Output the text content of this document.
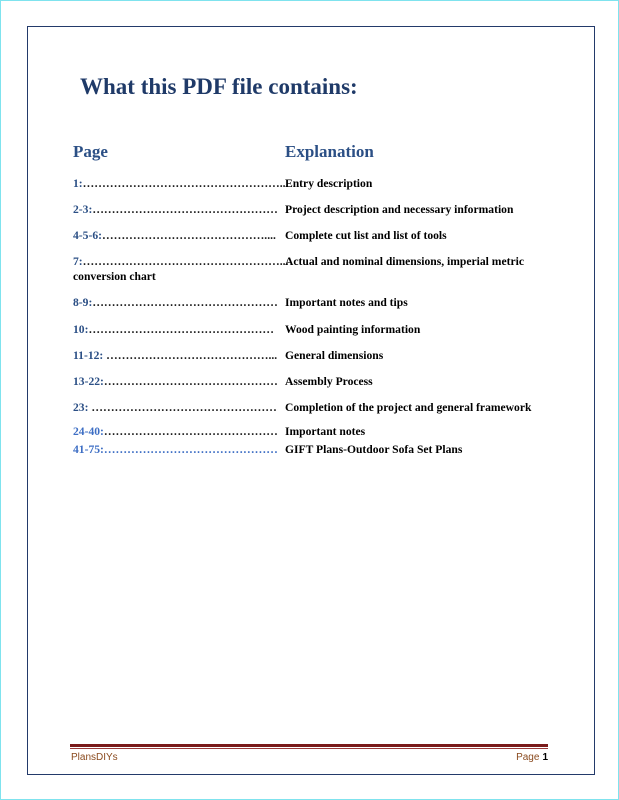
What this PDF file contains:
Page	Explanation
1:……………………………………………...Entry description
2-3:………………………………………… Project description and necessary information
4-5-6:…………………………………….... Complete cut list and list of tools
7:……………………………………………...Actual and nominal dimensions, imperial metric
conversion chart
8-9:………………………………………… Important notes and tips
10:………………………………………… Wood painting information
11-12: ……………………………………... General dimensions
13-22:……………………………………… Assembly Process
23: ………………………………………… Completion of the project and general framework
24-40:……………………………………… Important notes
41-75:……………………………………… GIFT Plans-Outdoor Sofa Set Plans
PlansDIYs	Page 1
